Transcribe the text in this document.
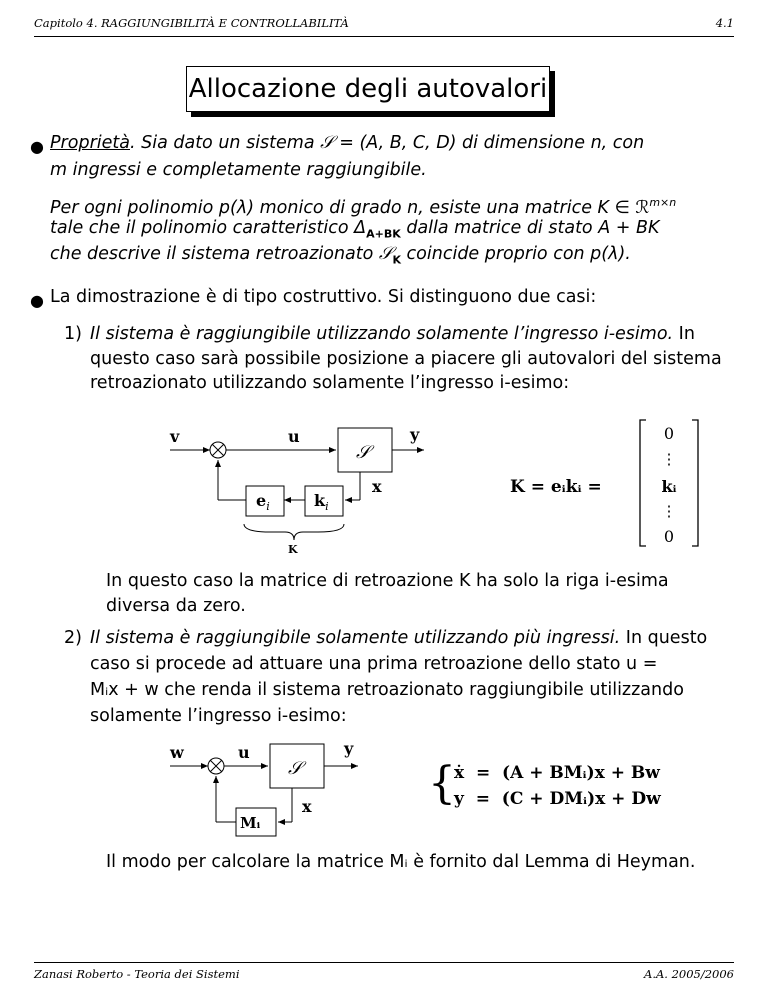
Capitolo 4. RAGGIUNGIBILITÀ E CONTROLLABILITÀ	4.1
Allocazione degli autovalori
● Proprietà. Sia dato un sistema 𝒮 = (A, B, C, D) di dimensione n, con
m ingressi e completamente raggiungibile.
Per ogni polinomio p(λ) monico di grado n, esiste una matrice K ∈ ℛ$^{m\times n}$
tale che il polinomio caratteristico $\Delta_{A+BK}$ dalla matrice di stato A + BK
che descrive il sistema retroazionato 𝒮$_K$ coincide proprio con p(λ).
● La dimostrazione è di tipo costruttivo. Si distinguono due casi:
1) Il sistema è raggiungibile utilizzando solamente l’ingresso i-esimo. In
questo caso sarà possibile posizione a piacere gli autovalori del sistema
retroazionato utilizzando solamente l’ingresso i-esimo:
v	u
𝒮
y
x
$e_i$	$k_i$
K
K = eᵢkᵢ =
0
⋮
kᵢ
⋮
0
In questo caso la matrice di retroazione K ha solo la riga i-esima
diversa da zero.
2) Il sistema è raggiungibile solamente utilizzando più ingressi. In questo
caso si procede ad attuare una prima retroazione dello stato u =
Mᵢx + w che renda il sistema retroazionato raggiungibile utilizzando
solamente l’ingresso i-esimo:
w	u
𝒮
y
x
Mᵢ
{
ẋ  =  (A + BMᵢ)x + Bw
y  =  (C + DMᵢ)x + Dw
Il modo per calcolare la matrice Mᵢ è fornito dal Lemma di Heyman.
Zanasi Roberto - Teoria dei Sistemi	A.A. 2005/2006
